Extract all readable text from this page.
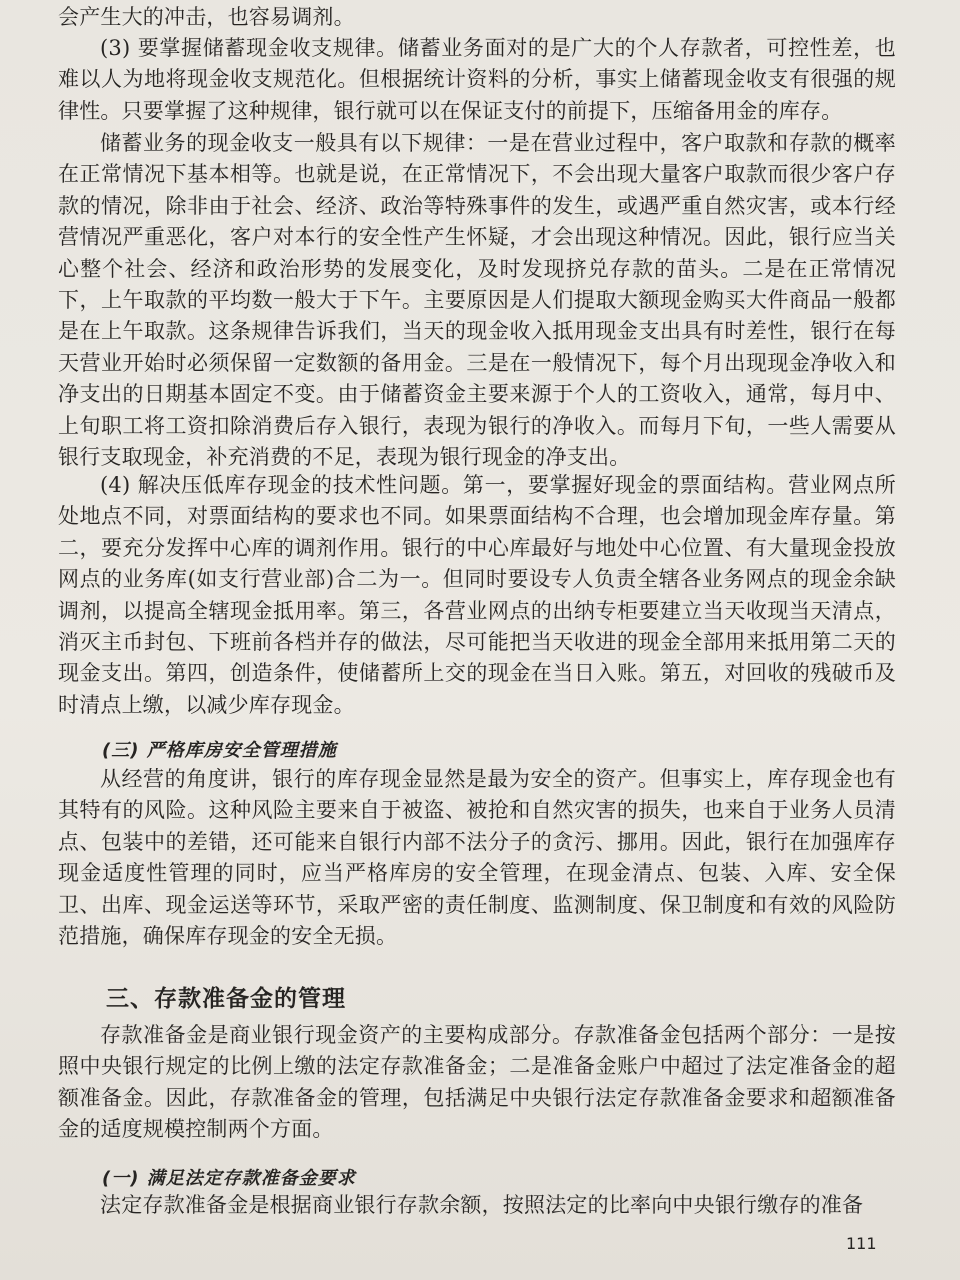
会产生大的冲击，也容易调剂。

(3) 要掌握储蓄现金收支规律。储蓄业务面对的是广大的个人存款者，可控性差，也难以人为地将现金收支规范化。但根据统计资料的分析，事实上储蓄现金收支有很强的规律性。只要掌握了这种规律，银行就可以在保证支付的前提下，压缩备用金的库存。

储蓄业务的现金收支一般具有以下规律：一是在营业过程中，客户取款和存款的概率在正常情况下基本相等。也就是说，在正常情况下，不会出现大量客户取款而很少客户存款的情况，除非由于社会、经济、政治等特殊事件的发生，或遇严重自然灾害，或本行经营情况严重恶化，客户对本行的安全性产生怀疑，才会出现这种情况。因此，银行应当关心整个社会、经济和政治形势的发展变化，及时发现挤兑存款的苗头。二是在正常情况下，上午取款的平均数一般大于下午。主要原因是人们提取大额现金购买大件商品一般都是在上午取款。这条规律告诉我们，当天的现金收入抵用现金支出具有时差性，银行在每天营业开始时必须保留一定数额的备用金。三是在一般情况下，每个月出现现金净收入和净支出的日期基本固定不变。由于储蓄资金主要来源于个人的工资收入，通常，每月中、上旬职工将工资扣除消费后存入银行，表现为银行的净收入。而每月下旬，一些人需要从银行支取现金，补充消费的不足，表现为银行现金的净支出。

(4) 解决压低库存现金的技术性问题。第一，要掌握好现金的票面结构。营业网点所处地点不同，对票面结构的要求也不同。如果票面结构不合理，也会增加现金库存量。第二，要充分发挥中心库的调剂作用。银行的中心库最好与地处中心位置、有大量现金投放网点的业务库(如支行营业部)合二为一。但同时要设专人负责全辖各业务网点的现金余缺调剂，以提高全辖现金抵用率。第三，各营业网点的出纳专柜要建立当天收现当天清点，消灭主币封包、下班前各档并存的做法，尽可能把当天收进的现金全部用来抵用第二天的现金支出。第四，创造条件，使储蓄所上交的现金在当日入账。第五，对回收的残破币及时清点上缴，以减少库存现金。

(三) 严格库房安全管理措施

从经营的角度讲，银行的库存现金显然是最为安全的资产。但事实上，库存现金也有其特有的风险。这种风险主要来自于被盗、被抢和自然灾害的损失，也来自于业务人员清点、包装中的差错，还可能来自银行内部不法分子的贪污、挪用。因此，银行在加强库存现金适度性管理的同时，应当严格库房的安全管理，在现金清点、包装、入库、安全保卫、出库、现金运送等环节，采取严密的责任制度、监测制度、保卫制度和有效的风险防范措施，确保库存现金的安全无损。

三、存款准备金的管理

存款准备金是商业银行现金资产的主要构成部分。存款准备金包括两个部分：一是按照中央银行规定的比例上缴的法定存款准备金；二是准备金账户中超过了法定准备金的超额准备金。因此，存款准备金的管理，包括满足中央银行法定存款准备金要求和超额准备金的适度规模控制两个方面。

(一) 满足法定存款准备金要求

法定存款准备金是根据商业银行存款余额，按照法定的比率向中央银行缴存的准备

111
